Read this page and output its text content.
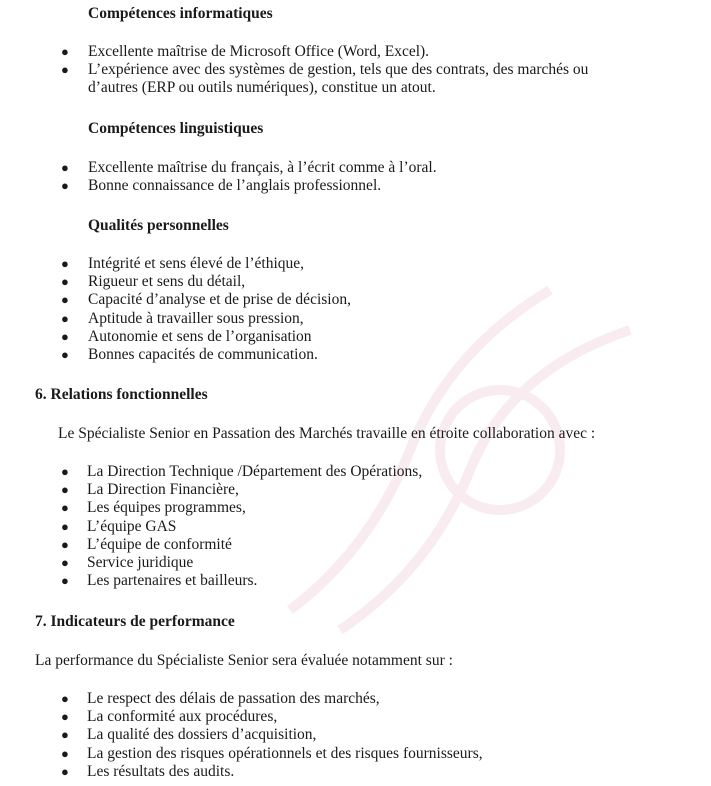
Compétences informatiques
● Excellente maîtrise de Microsoft Office (Word, Excel).
● L’expérience avec des systèmes de gestion, tels que des contrats, des marchés ou
d’autres (ERP ou outils numériques), constitue un atout.
Compétences linguistiques
● Excellente maîtrise du français, à l’écrit comme à l’oral.
● Bonne connaissance de l’anglais professionnel.
Qualités personnelles
● Intégrité et sens élevé de l’éthique,
● Rigueur et sens du détail,
● Capacité d’analyse et de prise de décision,
● Aptitude à travailler sous pression,
● Autonomie et sens de l’organisation
● Bonnes capacités de communication.
6. Relations fonctionnelles
Le Spécialiste Senior en Passation des Marchés travaille en étroite collaboration avec :
● La Direction Technique /Département des Opérations,
● La Direction Financière,
● Les équipes programmes,
● L’équipe GAS
● L’équipe de conformité
● Service juridique
● Les partenaires et bailleurs.
7. Indicateurs de performance
La performance du Spécialiste Senior sera évaluée notamment sur :
● Le respect des délais de passation des marchés,
● La conformité aux procédures,
● La qualité des dossiers d’acquisition,
● La gestion des risques opérationnels et des risques fournisseurs,
● Les résultats des audits.
